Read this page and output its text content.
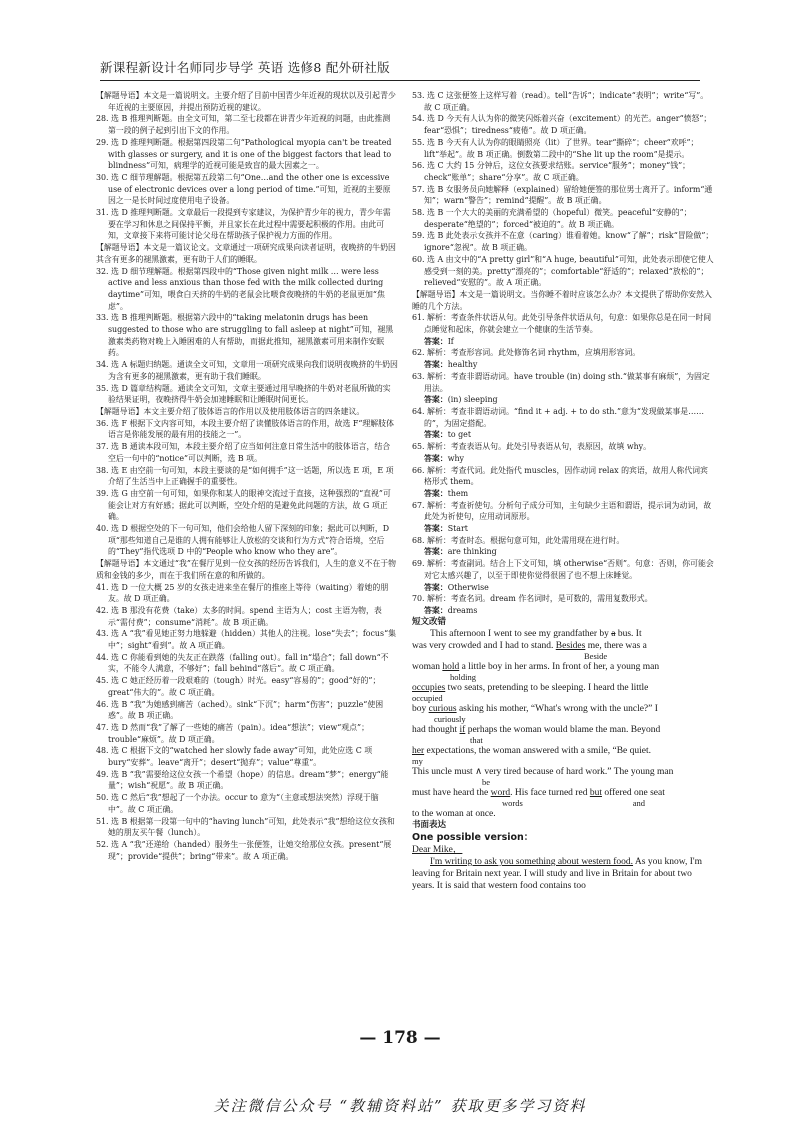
新课程新设计名师同步导学 英语 选修8 配外研社版

【解题导语】本文是一篇说明文。主要介绍了目前中国青少年近视的现状以及引起青少年近视的主要原因，并提出预防近视的建议。

28. 选 B 推理判断题。由全文可知，第二至七段都在讲青少年近视的问题，由此推测第一段的例子起到引出下文的作用。

29. 选 D 推理判断题。根据第四段第二句“Pathological myopia can't be treated with glasses or surgery, and it is one of the biggest factors that lead to blindness”可知，病理学的近视可能是致盲的最大因素之一。

30. 选 C 细节理解题。根据第五段第二句“One…and the other one is excessive use of electronic devices over a long period of time.”可知，近视的主要原因之一是长时间过度使用电子设备。

31. 选 D 推理判断题。文章最后一段提到专家建议，为保护青少年的视力，青少年需要在学习和休息之间保持平衡，并且家长在此过程中需要起积极的作用。由此可知，文章接下来将可能讨论父母在帮助孩子保护视力方面的作用。

【解题导语】本文是一篇议论文。文章通过一项研究成果向读者证明，夜晚挤的牛奶因其含有更多的褪黑激素，更有助于人们的睡眠。

32. 选 D 细节理解题。根据第四段中的“Those given night milk … were less active and less anxious than those fed with the milk collected during daytime”可知，喂食白天挤的牛奶的老鼠会比喂食夜晚挤的牛奶的老鼠更加“焦虑”。

33. 选 B 推理判断题。根据第六段中的“taking melatonin drugs has been suggested to those who are struggling to fall asleep at night”可知，褪黑激素类药物对晚上入睡困难的人有帮助，而据此推知，褪黑激素可用来制作安眠药。

34. 选 A 标题归纳题。通读全文可知，文章用一项研究成果向我们说明夜晚挤的牛奶因为含有更多的褪黑激素，更有助于我们睡眠。

35. 选 D 篇章结构题。通读全文可知，文章主要通过用早晚挤的牛奶对老鼠所做的实验结果证明，夜晚挤得牛奶会加速睡眠和让睡眠时间更长。

【解题导语】本文主要介绍了肢体语言的作用以及使用肢体语言的四条建议。

36. 选 F 根据下文内容可知，本段主要介绍了读懂肢体语言的作用，故选 F“理解肢体语言是你能发展的最有用的技能之一”。

37. 选 B 通读本段可知，本段主要介绍了应当如何注意日常生活中的肢体语言，结合空后一句中的“notice”可以判断，选 B 项。

38. 选 E 由空前一句可知，本段主要谈的是“如何拥手”这一话题，所以选 E 项，E 项介绍了生活当中上正确握手的重要性。

39. 选 G 由空前一句可知，如果你和某人的眼神交流过于直接，这种强烈的“直视”可能会让对方有好感；据此可以判断，空处介绍的是避免此问题的方法，故 G 项正确。

40. 选 D 根据空处的下一句可知，他们会给他人留下深刻的印象；据此可以判断，D 项“那些知道自己是谁的人拥有能够让人放松的交谈和行为方式”符合语境，空后的“They”指代选项 D 中的“People who know who they are”。

【解题导语】本文通过“我”在餐厅见到一位女孩的经历告诉我们，人生的意义不在于物质和金钱的多少，而在于我们所在意的和所做的。

41. 选 D 一位大概 25 岁的女孩走进来坐在餐厅的推座上等待（waiting）着她的朋友。故 D 项正确。

42. 选 B 那没有花费（take）太多的时间。spend 主语为人；cost 主语为物，表示“需付费”；consume“消耗”。故 B 项正确。

43. 选 A “我”看见她正努力地躲避（hidden）其他人的注视。lose“失去”；focus“集中”；sight“看到”。故 A 项正确。

44. 选 C 你能看到她的失友正在跌落（falling out）。fall in“塌合”；fall down“不实，不能令人满意，不够好”；fall behind“落后”。故 C 项正确。

45. 选 C 她正经历着一段艰难的（tough）时光。easy“容易的”；good“好的”；great“伟大的”。故 C 项正确。

46. 选 B “我”为她感到痛苦（ached）。sink“下沉”；harm“伤害”；puzzle“使困惑”。故 B 项正确。

47. 选 D 然而“我”了解了一些她的痛苦（pain）。idea“想法”；view“观点”；trouble“麻烦”。故 D 项正确。

48. 选 C 根据下文的“watched her slowly fade away”可知，此处应选 C 项 bury“安葬”。leave“离开”；desert“抛弃”；value“尊重”。

49. 选 B “我”需要给这位女孩一个希望（hope）的信息。dream“梦”；energy“能量”；wish“祝愿”。故 B 项正确。

50. 选 C 然后“我”想起了一个办法。occur to 意为“（主意或想法突然）浮现于脑中”。故 C 项正确。

51. 选 B 根据第一段第一句中的“having lunch”可知，此处表示“我”想给这位女孩和她的朋友买午餐（lunch）。

52. 选 A “我”还递给（handed）服务生一张便签，让她交给那位女孩。present“展现”；provide“提供”；bring“带来”。故 A 项正确。

53. 选 C 这张便签上这样写着（read）。tell“告诉”；indicate“表明”；write“写”。故 C 项正确。

54. 选 D 今天有人认为你的微笑闪烁着兴奋（excitement）的光芒。anger“愤怒”；fear“恐惧”；tiredness“疲倦”。故 D 项正确。

55. 选 B 今天有人认为你的眼睛照亮（lit）了世界。tear“撕碎”；cheer“欢呼”；lift“举起”。故 B 项正确。倒数第二段中的“She lit up the room”是提示。

56. 选 C 大约 15 分钟后，这位女孩要求结账。service“服务”；money“钱”；check“账单”；share“分享”。故 C 项正确。

57. 选 B 女服务员向她解释（explained）留给她便签的那位男士离开了。inform“通知”；warn“警告”；remind“提醒”。故 B 项正确。

58. 选 B 一个大大的美丽的充满希望的（hopeful）微笑。peaceful“安静的”；desperate“绝望的”；forced“被迫的”。故 B 项正确。

59. 选 B 此处表示女孩并不在意（caring）谁看着她。know“了解”；risk“冒险做”；ignore“忽视”。故 B 项正确。

60. 选 A 由文中的“A pretty girl”和“A huge, beautiful”可知，此处表示即使它使人感受到一刻的美。pretty“漂亮的”；comfortable“舒适的”；relaxed“放松的”；relieved“安慰的”。故 A 项正确。

【解题导语】本文是一篇说明文。当你睡不着时应该怎么办？本文提供了帮助你安然入睡的几个方法。

61. 解析：考查条件状语从句。此处引导条件状语从句，句意：如果你总是在同一时间点睡觉和起床，你就会建立一个健康的生活节奏。

答案：If

62. 解析：考查形容词。此处修饰名词 rhythm，应填用形容词。

答案：healthy

63. 解析：考查非谓语动词。have trouble (in) doing sth.“做某事有麻烦”，为固定用法。

答案：(in) sleeping

64. 解析：考查非谓语动词。“find it + adj. + to do sth.”意为“发现做某事是……的”，为固定搭配。

答案：to get

65. 解析：考查表语从句。此处引导表语从句，表原因，故填 why。

答案：why

66. 解析：考查代词。此处指代 muscles，因作动词 relax 的宾语，故用人称代词宾格形式 them。

答案：them

67. 解析：考查祈使句。分析句子成分可知，主句缺少主语和谓语，提示词为动词，故此处为祈使句，应用动词原形。

答案：Start

68. 解析：考查时态。根据句意可知，此处需用现在进行时。

答案：are thinking

69. 解析：考查副词。结合上下文可知，填 otherwise“否则”。句意：否则，你可能会对它太感兴趣了，以至于即使你觉得很困了也不想上床睡觉。

答案：Otherwise

70. 解析：考查名词。dream 作名词时，是可数的，需用复数形式。

答案：dreams

短文改错

This afternoon I went to see my grandfather by a bus. It

was very crowded and I had to stand. Besides me, there was a

Beside

woman hold a little boy in her arms. In front of her, a young man

holding

occupies two seats, pretending to be sleeping. I heard the little

occupied

boy curious asking his mother, “What's wrong with the uncle?” I

curiously

had thought if perhaps the woman would blame the man. Beyond

that

her expectations, the woman answered with a smile, “Be quiet.

my

This uncle must ∧ very tired because of hard work.” The young man

be

must have heard the word. His face turned red but offered one seat

words	and

to the woman at once.

书面表达

One possible version：

Dear Mike，

I'm writing to ask you something about western food. As you know, I'm leaving for Britain next year. I will study and live in Britain for about two years. It is said that western food contains too

— 178 —
关注微信公众号 “教辅资料站” 获取更多学习资料
